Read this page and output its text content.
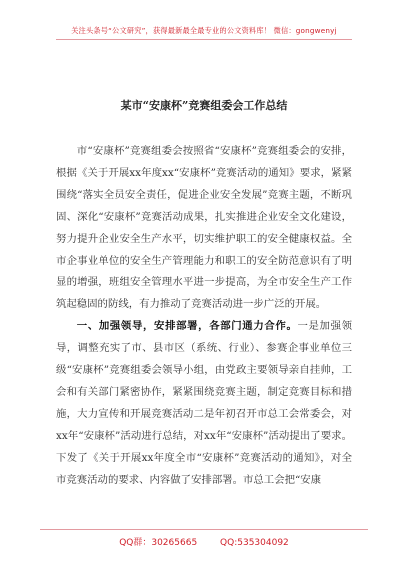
关注头条号“公文研究”，获得最新最全最专业的公文资料库！ 微信：gongwenyj
某市“安康杯”竞赛组委会工作总结

市“安康杯”竞赛组委会按照省“安康杯”竞赛组委会的安排，根据《关于开展xx年度xx“安康杯”竞赛活动的通知》要求，紧紧围绕“落实全员安全责任，促进企业安全发展”竞赛主题，不断巩固、深化“安康杯”竞赛活动成果，扎实推进企业安全文化建设，努力提升企业安全生产水平，切实维护职工的安全健康权益。全市企事业单位的安全生产管理能力和职工的安全防范意识有了明显的增强，班组安全管理水平进一步提高，为全市安全生产工作筑起稳固的防线，有力推动了竞赛活动进一步广泛的开展。

一、加强领导，安排部署，各部门通力合作。一是加强领导，调整充实了市、县市区（系统、行业）、参赛企事业单位三级“安康杯”竞赛组委会领导小组，由党政主要领导亲自挂帅，工会和有关部门紧密协作，紧紧围绕竞赛主题，制定竞赛目标和措施，大力宣传和开展竞赛活动二是年初召开市总工会常委会，对xx年“安康杯”活动进行总结，对xx年“安康杯”活动提出了要求。下发了《关于开展xx年度全市“安康杯”竞赛活动的通知》，对全市竞赛活动的要求、内容做了安排部署。市总工会把“安康

QQ群：30265665	QQ:535304092
